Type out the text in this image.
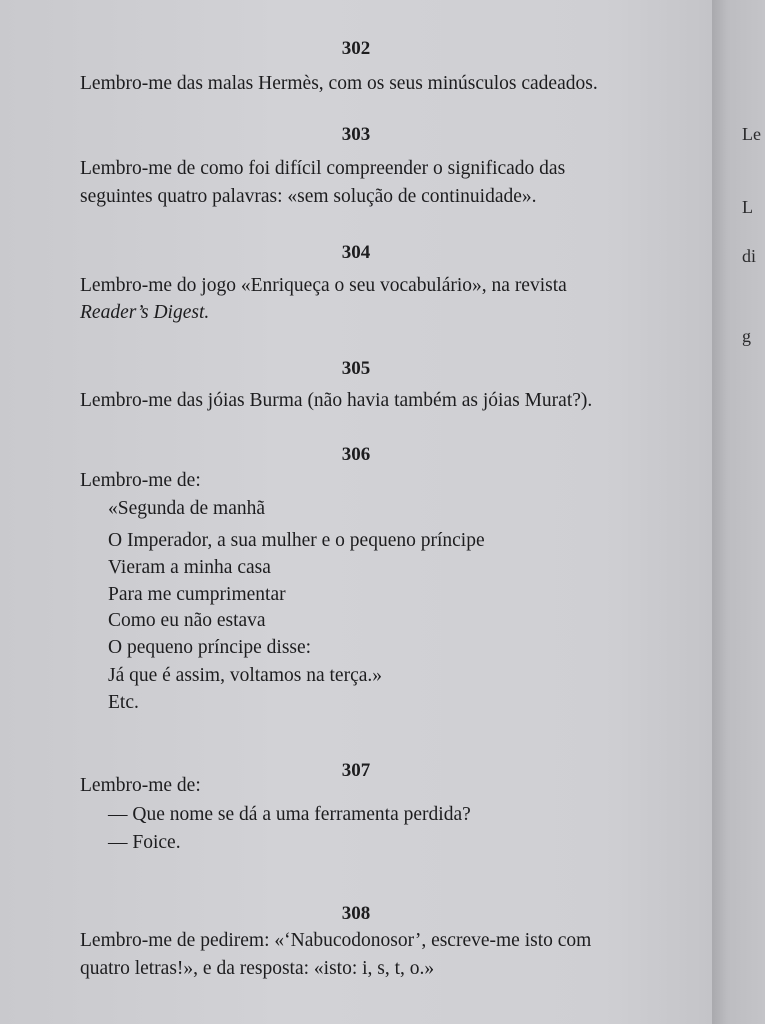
302
Lembro-me das malas Hermès, com os seus minúsculos cadeados.
303
Lembro-me de como foi difícil compreender o significado das
seguintes quatro palavras: «sem solução de continuidade».
304
Lembro-me do jogo «Enriqueça o seu vocabulário», na revista
Reader’s Digest.
305
Lembro-me das jóias Burma (não havia também as jóias Murat?).
306
Lembro-me de:
«Segunda de manhã
O Imperador, a sua mulher e o pequeno príncipe
Vieram a minha casa
Para me cumprimentar
Como eu não estava
O pequeno príncipe disse:
Já que é assim, voltamos na terça.»
Etc.
307
Lembro-me de:
— Que nome se dá a uma ferramenta perdida?
— Foice.
308
Lembro-me de pedirem: «‘Nabucodonosor’, escreve-me isto com
quatro letras!», e da resposta: «isto: i, s, t, o.»
Le
L
di
g
